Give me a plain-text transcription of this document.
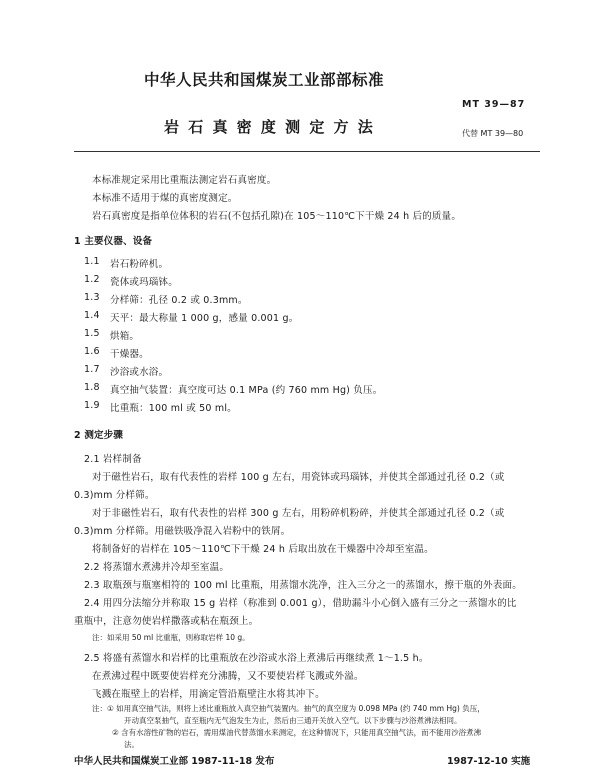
中华人民共和国煤炭工业部部标准
MT 39—87
岩 石 真 密 度 测 定 方 法	代替 MT 39—80
本标准规定采用比重瓶法测定岩石真密度。
本标准不适用于煤的真密度测定。
岩石真密度是指单位体积的岩石(不包括孔隙)在 105～110℃下干燥 24 h 后的质量。
1 主要仪器、设备
1.1 岩石粉碎机。
1.2 瓷体或玛瑙钵。
1.3 分样筛：孔径 0.2 或 0.3mm。
1.4 天平：最大称量 1 000 g，感量 0.001 g。
1.5 烘箱。
1.6 干燥器。
1.7 沙浴或水浴。
1.8 真空抽气装置：真空度可达 0.1 MPa (约 760 mm Hg) 负压。
1.9 比重瓶：100 ml 或 50 ml。
2 测定步骤
2.1 岩样制备
对于磁性岩石，取有代表性的岩样 100 g 左右，用瓷钵或玛瑙钵，并使其全部通过孔径 0.2（或
0.3)mm 分样筛。
对于非磁性岩石，取有代表性的岩样 300 g 左右，用粉碎机粉碎，并使其全部通过孔径 0.2（或
0.3)mm 分样筛。用磁铁吸净混入岩粉中的铁屑。
将制备好的岩样在 105～110℃下干燥 24 h 后取出放在干燥器中冷却至室温。
2.2 将蒸馏水煮沸并冷却至室温。
2.3 取瓶颈与瓶塞相符的 100 ml 比重瓶，用蒸馏水洗净，注入三分之一的蒸馏水，擦干瓶的外表面。
2.4 用四分法缩分并称取 15 g 岩样（称准到 0.001 g），借助漏斗小心倒入盛有三分之一蒸馏水的比
重瓶中，注意勿使岩样撒落或粘在瓶颈上。
注：如采用 50 ml 比重瓶，则称取岩样 10 g。
2.5 将盛有蒸馏水和岩样的比重瓶放在沙浴或水浴上煮沸后再继续煮 1～1.5 h。
在煮沸过程中既要使岩样充分沸腾，又不要使岩样飞溅或外溢。
飞溅在瓶壁上的岩样，用滴定管沿瓶壁注水将其冲下。
注：① 如用真空抽气法，则将上述比重瓶放入真空抽气装置内。抽气的真空度为 0.098 MPa (约 740 mm Hg) 负压，
开动真空泵抽气，直至瓶内无气泡发生为止，然后由三通开关放入空气。以下步骤与沙浴煮沸法相同。
② 含有水溶性矿物的岩石，需用煤油代替蒸馏水来测定，在这种情况下，只能用真空抽气法，而不能用沙浴煮沸
法。
中华人民共和国煤炭工业部 1987-11-18 发布	1987-12-10 实施
